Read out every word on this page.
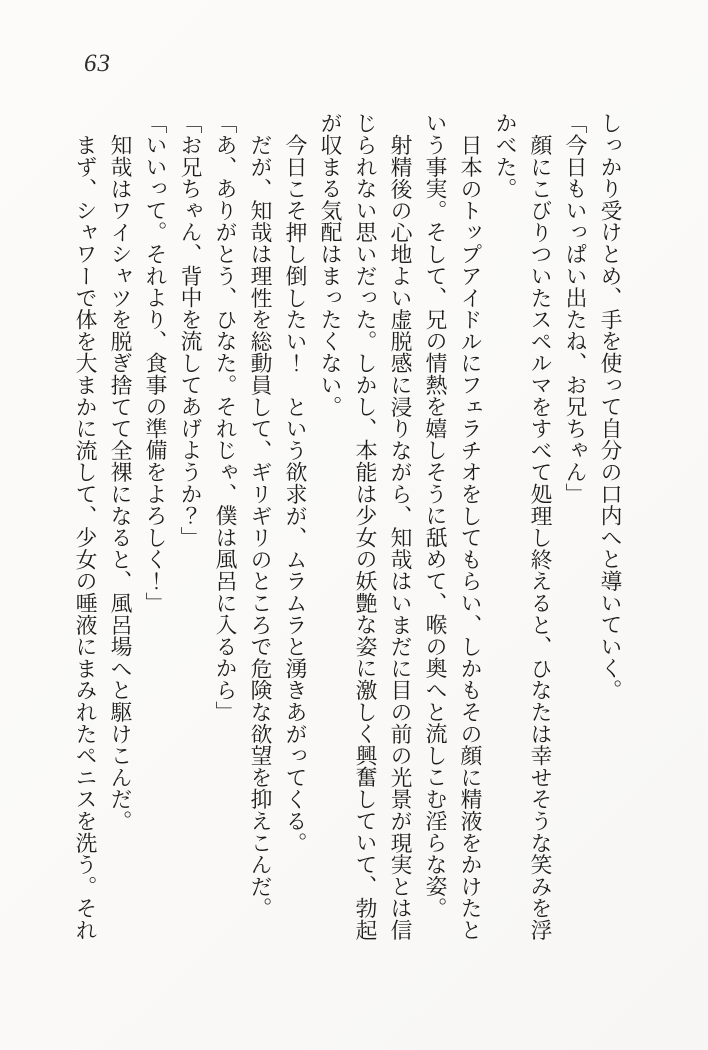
63

しっかり受けとめ、手を使って自分の口内へと導いていく。

「今日もいっぱい出たね、お兄ちゃん」

顔にこびりついたスペルマをすべて処理し終えると、ひなたは幸せそうな笑みを浮かべた。

日本のトップアイドルにフェラチオをしてもらい、しかもその顔に精液をかけたという事実。そして、兄の情熱を嬉しそうに舐めて、喉の奥へと流しこむ淫らな姿。

射精後の心地よい虚脱感に浸りながら、知哉はいまだに目の前の光景が現実とは信じられない思いだった。しかし、本能は少女の妖艶な姿に激しく興奮していて、勃起が収まる気配はまったくない。

今日こそ押し倒したい！　という欲求が、ムラムラと湧きあがってくる。

だが、知哉は理性を総動員して、ギリギリのところで危険な欲望を抑えこんだ。

「あ、ありがとう、ひなた。それじゃ、僕は風呂に入るから」

「お兄ちゃん、背中を流してあげようか？」

「いいって。それより、食事の準備をよろしく！」

知哉はワイシャツを脱ぎ捨てて全裸になると、風呂場へと駆けこんだ。

まず、シャワーで体を大まかに流して、少女の唾液にまみれたペニスを洗う。それ
